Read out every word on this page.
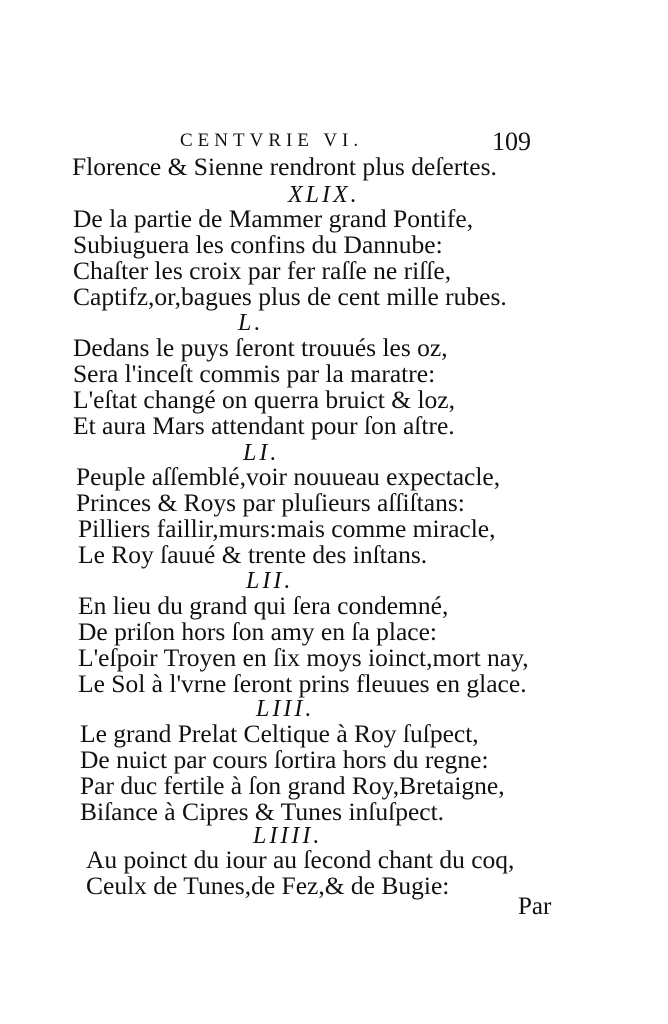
CENTVRIE VI.	109
Florence & Sienne rendront plus deſertes.
XLIX.
De la partie de Mammer grand Pontife,
Subiuguera les confins du Dannube:
Chaſter les croix par fer raſſe ne riſſe,
Captifz,or,bagues plus de cent mille rubes.
L.
Dedans le puys ſeront trouués les oz,
Sera l'inceſt commis par la maratre:
L'eſtat changé on querra bruict & loz,
Et aura Mars attendant pour ſon aſtre.
LI.
Peuple aſſemblé,voir nouueau expectacle,
Princes & Roys par pluſieurs aſſiſtans:
Pilliers faillir,murs:mais comme miracle,
Le Roy ſauué & trente des inſtans.
LII.
En lieu du grand qui ſera condemné,
De priſon hors ſon amy en ſa place:
L'eſpoir Troyen en ſix moys ioinct,mort nay,
Le Sol à l'vrne ſeront prins fleuues en glace.
LIII.
Le grand Prelat Celtique à Roy ſuſpect,
De nuict par cours ſortira hors du regne:
Par duc fertile à ſon grand Roy,Bretaigne,
Biſance à Cipres & Tunes inſuſpect.
LIIII.
Au poinct du iour au ſecond chant du coq,
Ceulx de Tunes,de Fez,& de Bugie:
Par
